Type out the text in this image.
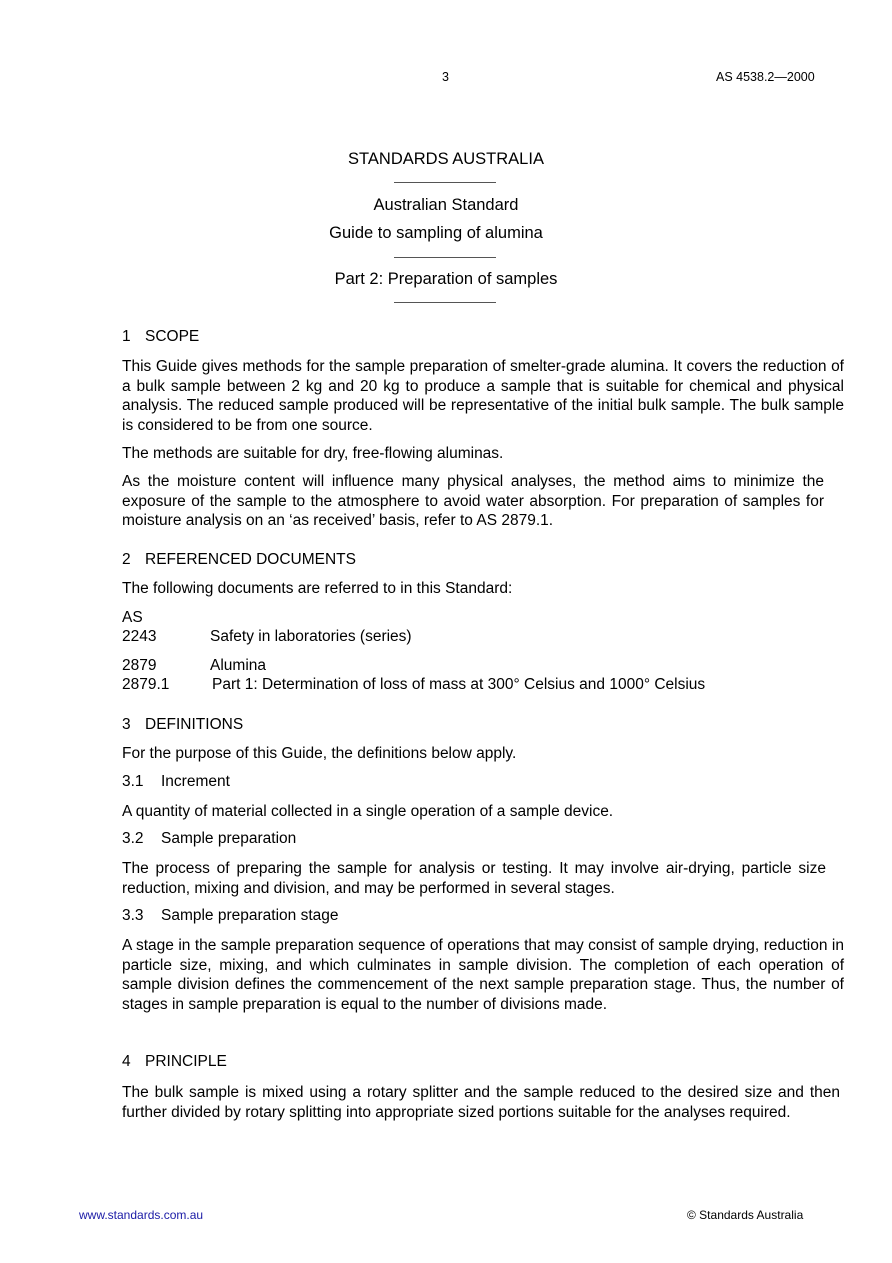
3	AS 4538.2—2000
STANDARDS AUSTRALIA
Australian Standard
Guide to sampling of alumina
Part 2: Preparation of samples
1 SCOPE
This Guide gives methods for the sample preparation of smelter-grade alumina. It covers the reduction of a bulk sample between 2 kg and 20 kg to produce a sample that is suitable for chemical and physical analysis. The reduced sample produced will be representative of the initial bulk sample. The bulk sample is considered to be from one source.
The methods are suitable for dry, free-flowing aluminas.
As the moisture content will influence many physical analyses, the method aims to minimize the exposure of the sample to the atmosphere to avoid water absorption. For preparation of samples for moisture analysis on an ‘as received’ basis, refer to AS 2879.1.
2 REFERENCED DOCUMENTS
The following documents are referred to in this Standard:
AS
2243	Safety in laboratories (series)
2879	Alumina
2879.1	Part 1: Determination of loss of mass at 300° Celsius and 1000° Celsius
3 DEFINITIONS
For the purpose of this Guide, the definitions below apply.
3.1 Increment
A quantity of material collected in a single operation of a sample device.
3.2 Sample preparation
The process of preparing the sample for analysis or testing. It may involve air-drying, particle size reduction, mixing and division, and may be performed in several stages.
3.3 Sample preparation stage
A stage in the sample preparation sequence of operations that may consist of sample drying, reduction in particle size, mixing, and which culminates in sample division. The completion of each operation of sample division defines the commencement of the next sample preparation stage. Thus, the number of stages in sample preparation is equal to the number of divisions made.
4 PRINCIPLE
The bulk sample is mixed using a rotary splitter and the sample reduced to the desired size and then further divided by rotary splitting into appropriate sized portions suitable for the analyses required.
www.standards.com.au	© Standards Australia
